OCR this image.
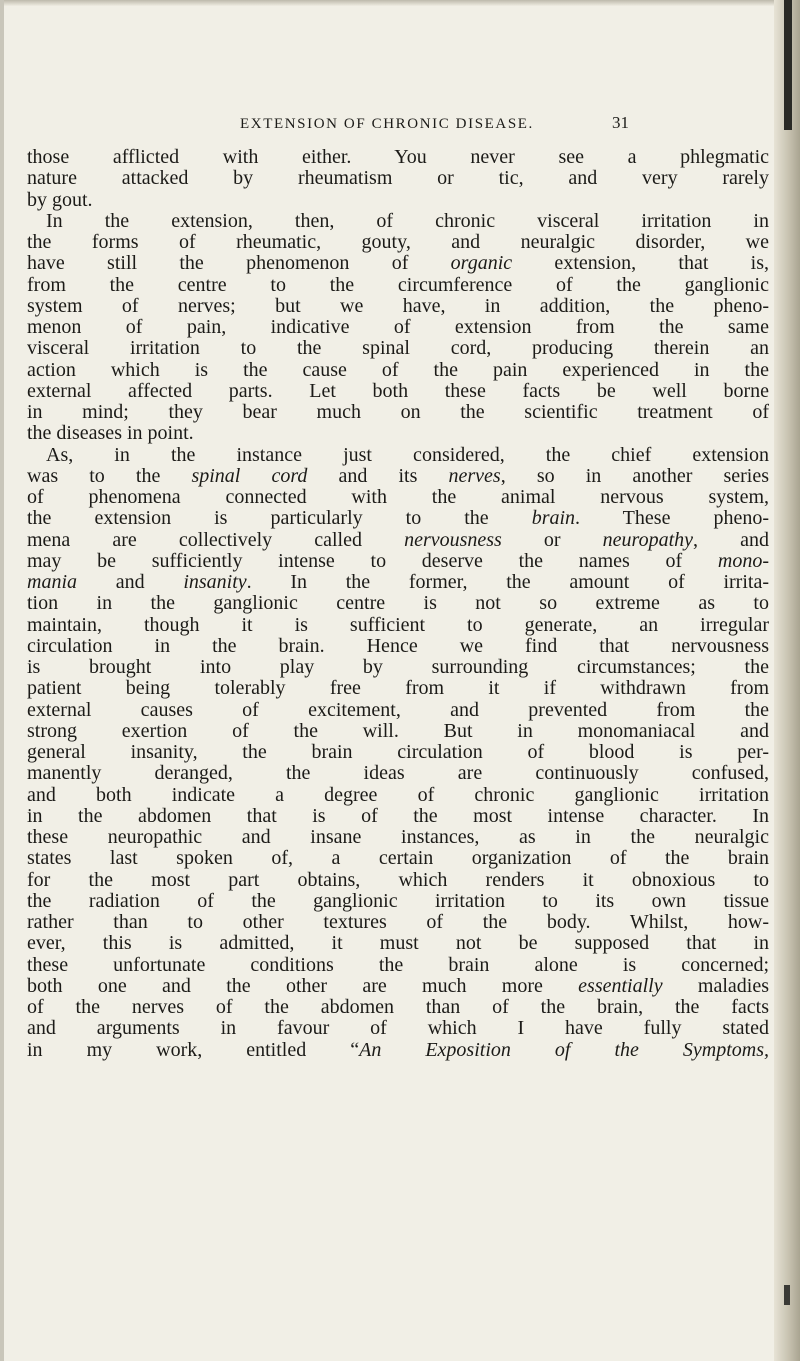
EXTENSION OF CHRONIC DISEASE.	31
those afflicted with either. You never see a phlegmatic
nature attacked by rheumatism or tic, and very rarely
by gout.
In the extension, then, of chronic visceral irritation in
the forms of rheumatic, gouty, and neuralgic disorder, we
have still the phenomenon of organic extension, that is,
from the centre to the circumference of the ganglionic
system of nerves; but we have, in addition, the pheno-
menon of pain, indicative of extension from the same
visceral irritation to the spinal cord, producing therein an
action which is the cause of the pain experienced in the
external affected parts. Let both these facts be well borne
in mind; they bear much on the scientific treatment of
the diseases in point.
As, in the instance just considered, the chief extension
was to the spinal cord and its nerves, so in another series
of phenomena connected with the animal nervous system,
the extension is particularly to the brain. These pheno-
mena are collectively called nervousness or neuropathy, and
may be sufficiently intense to deserve the names of mono-
mania and insanity. In the former, the amount of irrita-
tion in the ganglionic centre is not so extreme as to
maintain, though it is sufficient to generate, an irregular
circulation in the brain. Hence we find that nervousness
is brought into play by surrounding circumstances; the
patient being tolerably free from it if withdrawn from
external causes of excitement, and prevented from the
strong exertion of the will. But in monomaniacal and
general insanity, the brain circulation of blood is per-
manently deranged, the ideas are continuously confused,
and both indicate a degree of chronic ganglionic irritation
in the abdomen that is of the most intense character. In
these neuropathic and insane instances, as in the neuralgic
states last spoken of, a certain organization of the brain
for the most part obtains, which renders it obnoxious to
the radiation of the ganglionic irritation to its own tissue
rather than to other textures of the body. Whilst, how-
ever, this is admitted, it must not be supposed that in
these unfortunate conditions the brain alone is concerned;
both one and the other are much more essentially maladies
of the nerves of the abdomen than of the brain, the facts
and arguments in favour of which I have fully stated
in my work, entitled “An Exposition of the Symptoms,
